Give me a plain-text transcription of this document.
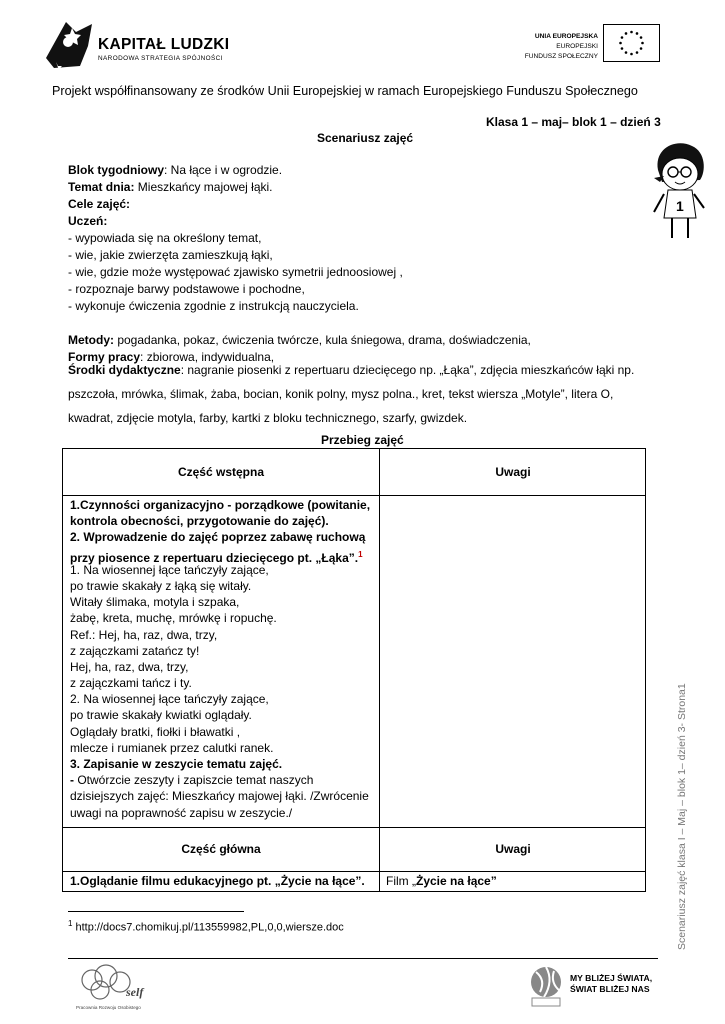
KAPITAŁ LUDZKI
NARODOWA STRATEGIA SPÓJNOŚCI
UNIA EUROPEJSKA
EUROPEJSKI
FUNDUSZ SPOŁECZNY
Projekt współfinansowany ze środków Unii Europejskiej w ramach Europejskiego Funduszu Społecznego
1
Klasa 1 – maj– blok 1 – dzień 3
Scenariusz zajęć
Blok tygodniowy: Na łące i w ogrodzie.
Temat dnia: Mieszkańcy majowej łąki.
Cele zajęć:
Uczeń:
- wypowiada się na określony temat,
- wie, jakie zwierzęta zamieszkują łąki,
- wie, gdzie może występować zjawisko symetrii jednoosiowej ,
- rozpoznaje barwy podstawowe i pochodne,
- wykonuje ćwiczenia zgodnie z instrukcją nauczyciela.
Metody: pogadanka, pokaz, ćwiczenia twórcze, kula śniegowa, drama, doświadczenia,
Formy pracy: zbiorowa, indywidualna,
Środki dydaktyczne: nagranie piosenki z repertuaru dziecięcego np. „Łąka”, zdjęcia mieszkańców łąki np.
pszczoła, mrówka, ślimak, żaba, bocian, konik polny, mysz polna., kret, tekst wiersza „Motyle”, litera O,
kwadrat, zdjęcie motyla, farby, kartki z bloku technicznego, szarfy, gwizdek.
Przebieg zajęć
Część wstępna	Uwagi
1.Czynności organizacyjno - porządkowe (powitanie,
kontrola obecności, przygotowanie do zajęć).
2. Wprowadzenie do zajęć poprzez zabawę ruchową
przy piosence z repertuaru dziecięcego pt. „Łąka”.$^1$
1. Na wiosennej łące tańczyły zające,
po trawie skakały z łąką się witały.
Witały ślimaka, motyla i szpaka,
żabę, kreta, muchę, mrówkę i ropuchę.
Ref.: Hej, ha, raz, dwa, trzy,
z zajączkami zatańcz ty!
Hej, ha, raz, dwa, trzy,
z zajączkami tańcz i ty.
2. Na wiosennej łące tańczyły zające,
po trawie skakały kwiatki oglądały.
Oglądały bratki, fiołki i bławatki ,
mlecze i rumianek przez calutki ranek.
3. Zapisanie w zeszycie tematu zajęć.
- Otwórzcie zeszyty i zapiszcie temat naszych
dzisiejszych zajęć: Mieszkańcy majowej łąki. /Zwrócenie
uwagi na poprawność zapisu w zeszycie./
Część główna	Uwagi
1.Oglądanie filmu edukacyjnego pt. „Życie na łące”. Film „Życie na łące”
$^1$ http://docs7.chomikuj.pl/113559982,PL,0,0,wiersze.doc	Scenariusz zajęć klasa I – Maj – blok 1– dzień 3- Strona1
self
Pracownia Rozwoju Osobistego
MY BLIŻEJ ŚWIATA,
ŚWIAT BLIŻEJ NAS
